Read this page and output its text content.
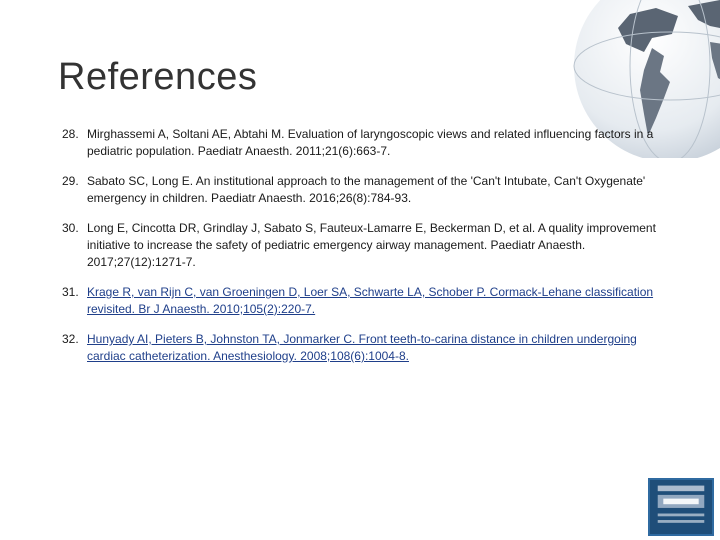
References
28. Mirghassemi A, Soltani AE, Abtahi M. Evaluation of laryngoscopic views and related influencing factors in a pediatric population. Paediatr Anaesth. 2011;21(6):663-7.
29. Sabato SC, Long E. An institutional approach to the management of the 'Can't Intubate, Can't Oxygenate' emergency in children. Paediatr Anaesth. 2016;26(8):784-93.
30. Long E, Cincotta DR, Grindlay J, Sabato S, Fauteux-Lamarre E, Beckerman D, et al. A quality improvement initiative to increase the safety of pediatric emergency airway management. Paediatr Anaesth. 2017;27(12):1271-7.
31. Krage R, van Rijn C, van Groeningen D, Loer SA, Schwarte LA, Schober P. Cormack-Lehane classification revisited. Br J Anaesth. 2010;105(2):220-7.
32. Hunyady AI, Pieters B, Johnston TA, Jonmarker C. Front teeth-to-carina distance in children undergoing cardiac catheterization. Anesthesiology. 2008;108(6):1004-8.
